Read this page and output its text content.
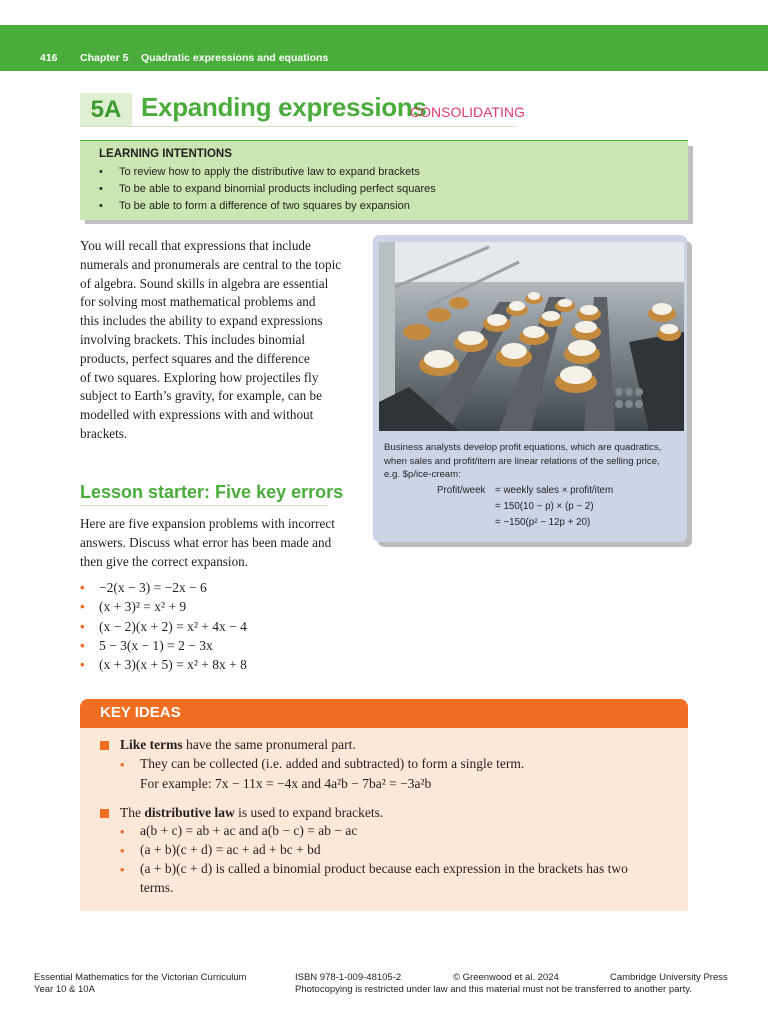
416 Chapter 5 Quadratic expressions and equations
5A Expanding expressions
CONSOLIDATING
LEARNING INTENTIONS
• To review how to apply the distributive law to expand brackets
• To be able to expand binomial products including perfect squares
• To be able to form a difference of two squares by expansion
You will recall that expressions that include
numerals and pronumerals are central to the topic
of algebra. Sound skills in algebra are essential
for solving most mathematical problems and
this includes the ability to expand expressions
involving brackets. This includes binomial
products, perfect squares and the difference
of two squares. Exploring how projectiles fly
subject to Earth’s gravity, for example, can be
modelled with expressions with and without
brackets.
Business analysts develop profit equations, which are quadratics,
when sales and profit/item are linear relations of the selling price,
e.g. $p/ice-cream:
Profit/week = weekly sales × profit/item
= 150(10 − p) × (p − 2)
= −150(p² − 12p + 20)
Lesson starter: Five key errors
Here are five expansion problems with incorrect
answers. Discuss what error has been made and
then give the correct expansion.
• −2(x − 3) = −2x − 6
• (x + 3)² = x² + 9
• (x − 2)(x + 2) = x² + 4x − 4
• 5 − 3(x − 1) = 2 − 3x
• (x + 3)(x + 5) = x² + 8x + 8
KEY IDEAS
Like terms have the same pronumeral part.
• They can be collected (i.e. added and subtracted) to form a single term.
For example: 7x − 11x = −4x and 4a²b − 7ba² = −3a²b
The distributive law is used to expand brackets.
• a(b + c) = ab + ac and a(b − c) = ab − ac
• (a + b)(c + d) = ac + ad + bc + bd
• (a + b)(c + d) is called a binomial product because each expression in the brackets has two
terms.
Essential Mathematics for the Victorian Curriculum
Year 10 & 10A
ISBN 978-1-009-48105-2	© Greenwood et al. 2024	Cambridge University Press
Photocopying is restricted under law and this material must not be transferred to another party.
